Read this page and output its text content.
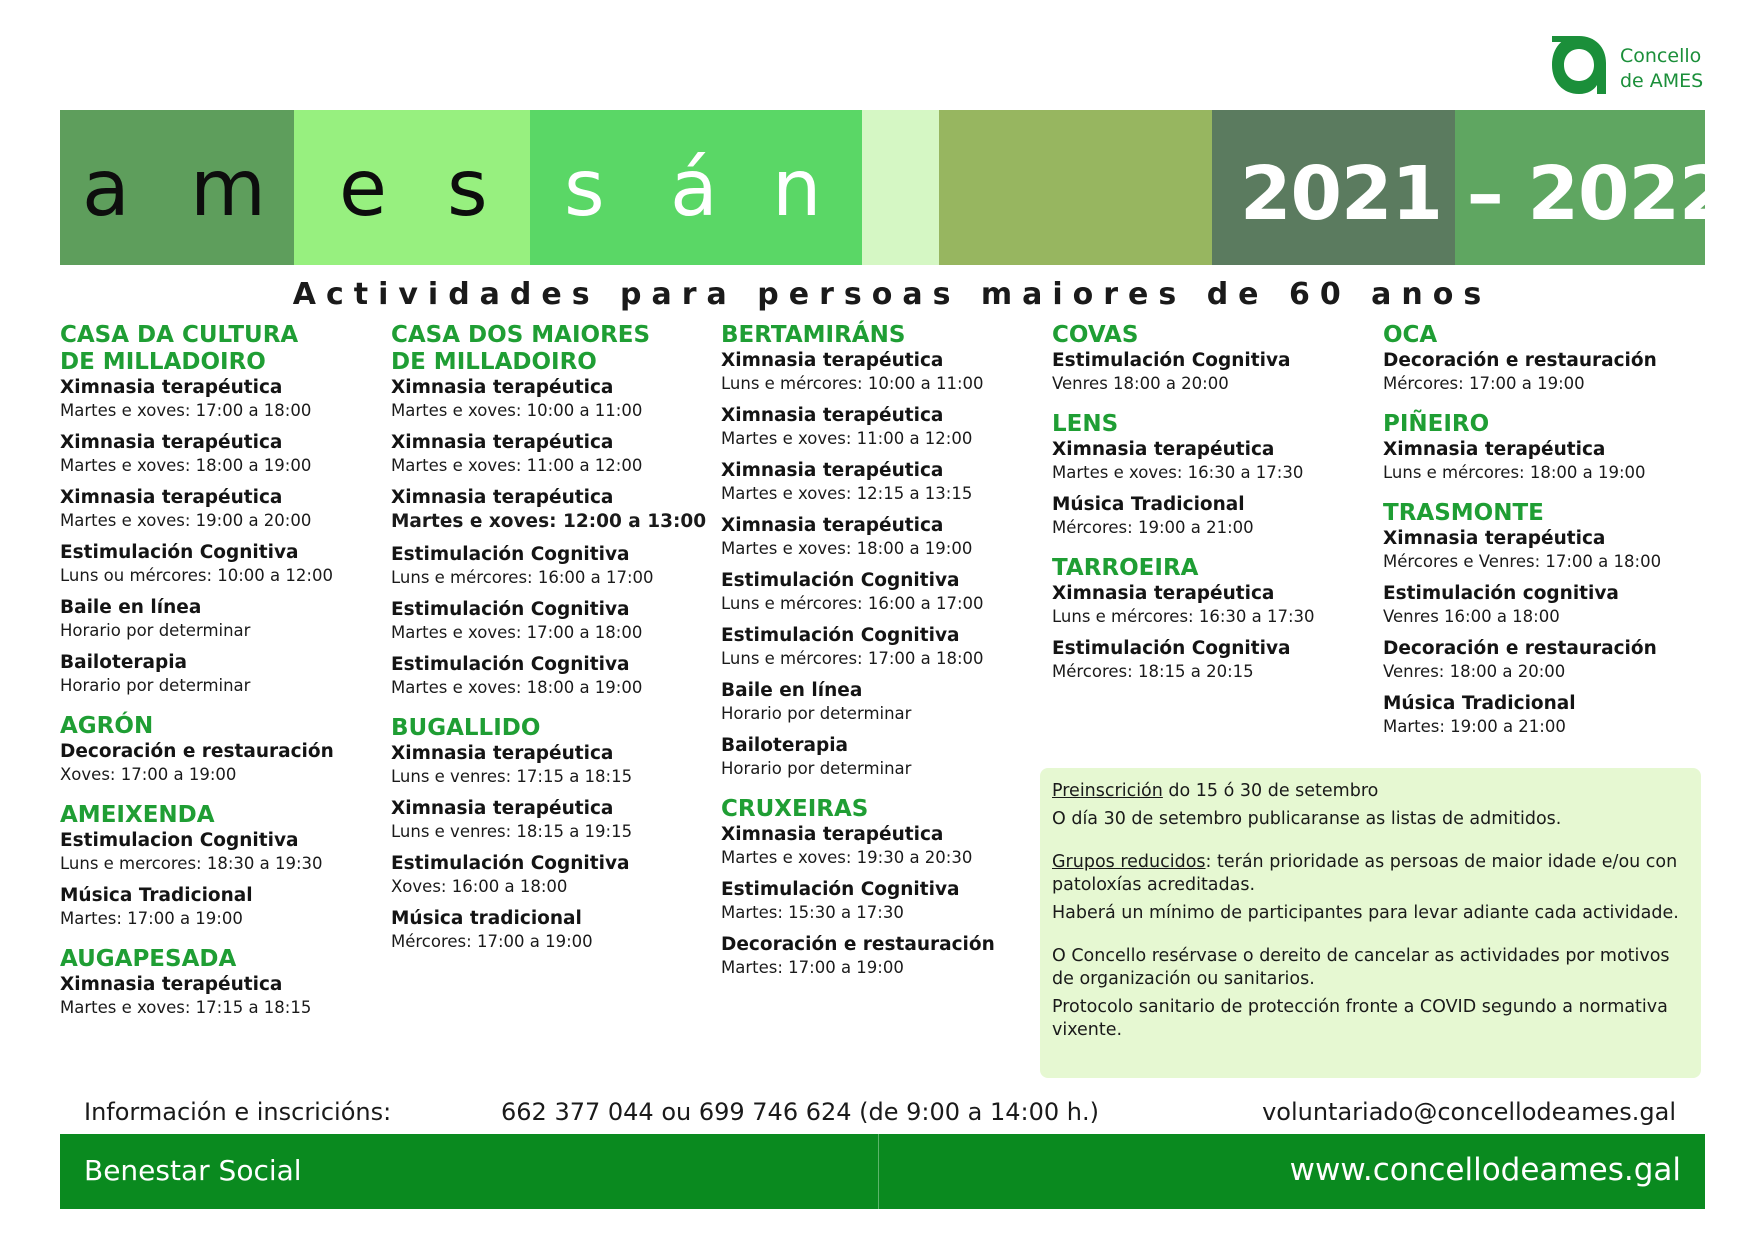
Concello
de AMES
a m e s s á n	2021 – 2022
Actividades para persoas maiores de 60 anos
CASA DA CULTURA
DE MILLADOIRO
Ximnasia terapéutica
Martes e xoves: 17:00 a 18:00
Ximnasia terapéutica
Martes e xoves: 18:00 a 19:00
Ximnasia terapéutica
Martes e xoves: 19:00 a 20:00
Estimulación Cognitiva
Luns ou mércores: 10:00 a 12:00
Baile en línea
Horario por determinar
Bailoterapia
Horario por determinar
AGRÓN
Decoración e restauración
Xoves: 17:00 a 19:00
AMEIXENDA
Estimulacion Cognitiva
Luns e mercores: 18:30 a 19:30
Música Tradicional
Martes: 17:00 a 19:00
AUGAPESADA
Ximnasia terapéutica
Martes e xoves: 17:15 a 18:15
CASA DOS MAIORES
DE MILLADOIRO
Ximnasia terapéutica
Martes e xoves: 10:00 a 11:00
Ximnasia terapéutica
Martes e xoves: 11:00 a 12:00
Ximnasia terapéutica
Martes e xoves: 12:00 a 13:00
Estimulación Cognitiva
Luns e mércores: 16:00 a 17:00
Estimulación Cognitiva
Martes e xoves: 17:00 a 18:00
Estimulación Cognitiva
Martes e xoves: 18:00 a 19:00
BUGALLIDO
Ximnasia terapéutica
Luns e venres: 17:15 a 18:15
Ximnasia terapéutica
Luns e venres: 18:15 a 19:15
Estimulación Cognitiva
Xoves: 16:00 a 18:00
Música tradicional
Mércores: 17:00 a 19:00
BERTAMIRÁNS
Ximnasia terapéutica
Luns e mércores: 10:00 a 11:00
Ximnasia terapéutica
Martes e xoves: 11:00 a 12:00
Ximnasia terapéutica
Martes e xoves: 12:15 a 13:15
Ximnasia terapéutica
Martes e xoves: 18:00 a 19:00
Estimulación Cognitiva
Luns e mércores: 16:00 a 17:00
Estimulación Cognitiva
Luns e mércores: 17:00 a 18:00
Baile en línea
Horario por determinar
Bailoterapia
Horario por determinar
CRUXEIRAS
Ximnasia terapéutica
Martes e xoves: 19:30 a 20:30
Estimulación Cognitiva
Martes: 15:30 a 17:30
Decoración e restauración
Martes: 17:00 a 19:00
COVAS
Estimulación Cognitiva
Venres 18:00 a 20:00
LENS
Ximnasia terapéutica
Martes e xoves: 16:30 a 17:30
Música Tradicional
Mércores: 19:00 a 21:00
TARROEIRA
Ximnasia terapéutica
Luns e mércores: 16:30 a 17:30
Estimulación Cognitiva
Mércores: 18:15 a 20:15
OCA
Decoración e restauración
Mércores: 17:00 a 19:00
PIÑEIRO
Ximnasia terapéutica
Luns e mércores: 18:00 a 19:00
TRASMONTE
Ximnasia terapéutica
Mércores e Venres: 17:00 a 18:00
Estimulación cognitiva
Venres 16:00 a 18:00
Decoración e restauración
Venres: 18:00 a 20:00
Música Tradicional
Martes: 19:00 a 21:00

Preinscrición do 15 ó 30 de setembro

O día 30 de setembro publicaranse as listas de admitidos.

Grupos reducidos: terán prioridade as persoas de maior idade e/ou con patoloxías acreditadas.

Haberá un mínimo de participantes para levar adiante cada actividade.

O Concello resérvase o dereito de cancelar as actividades por motivos de organización ou sanitarios.

Protocolo sanitario de protección fronte a COVID segundo a normativa vixente.

Información e inscricións:	662 377 044 ou 699 746 624 (de 9:00 a 14:00 h.)	voluntariado@concellodeames.gal
Benestar Social	www.concellodeames.gal
